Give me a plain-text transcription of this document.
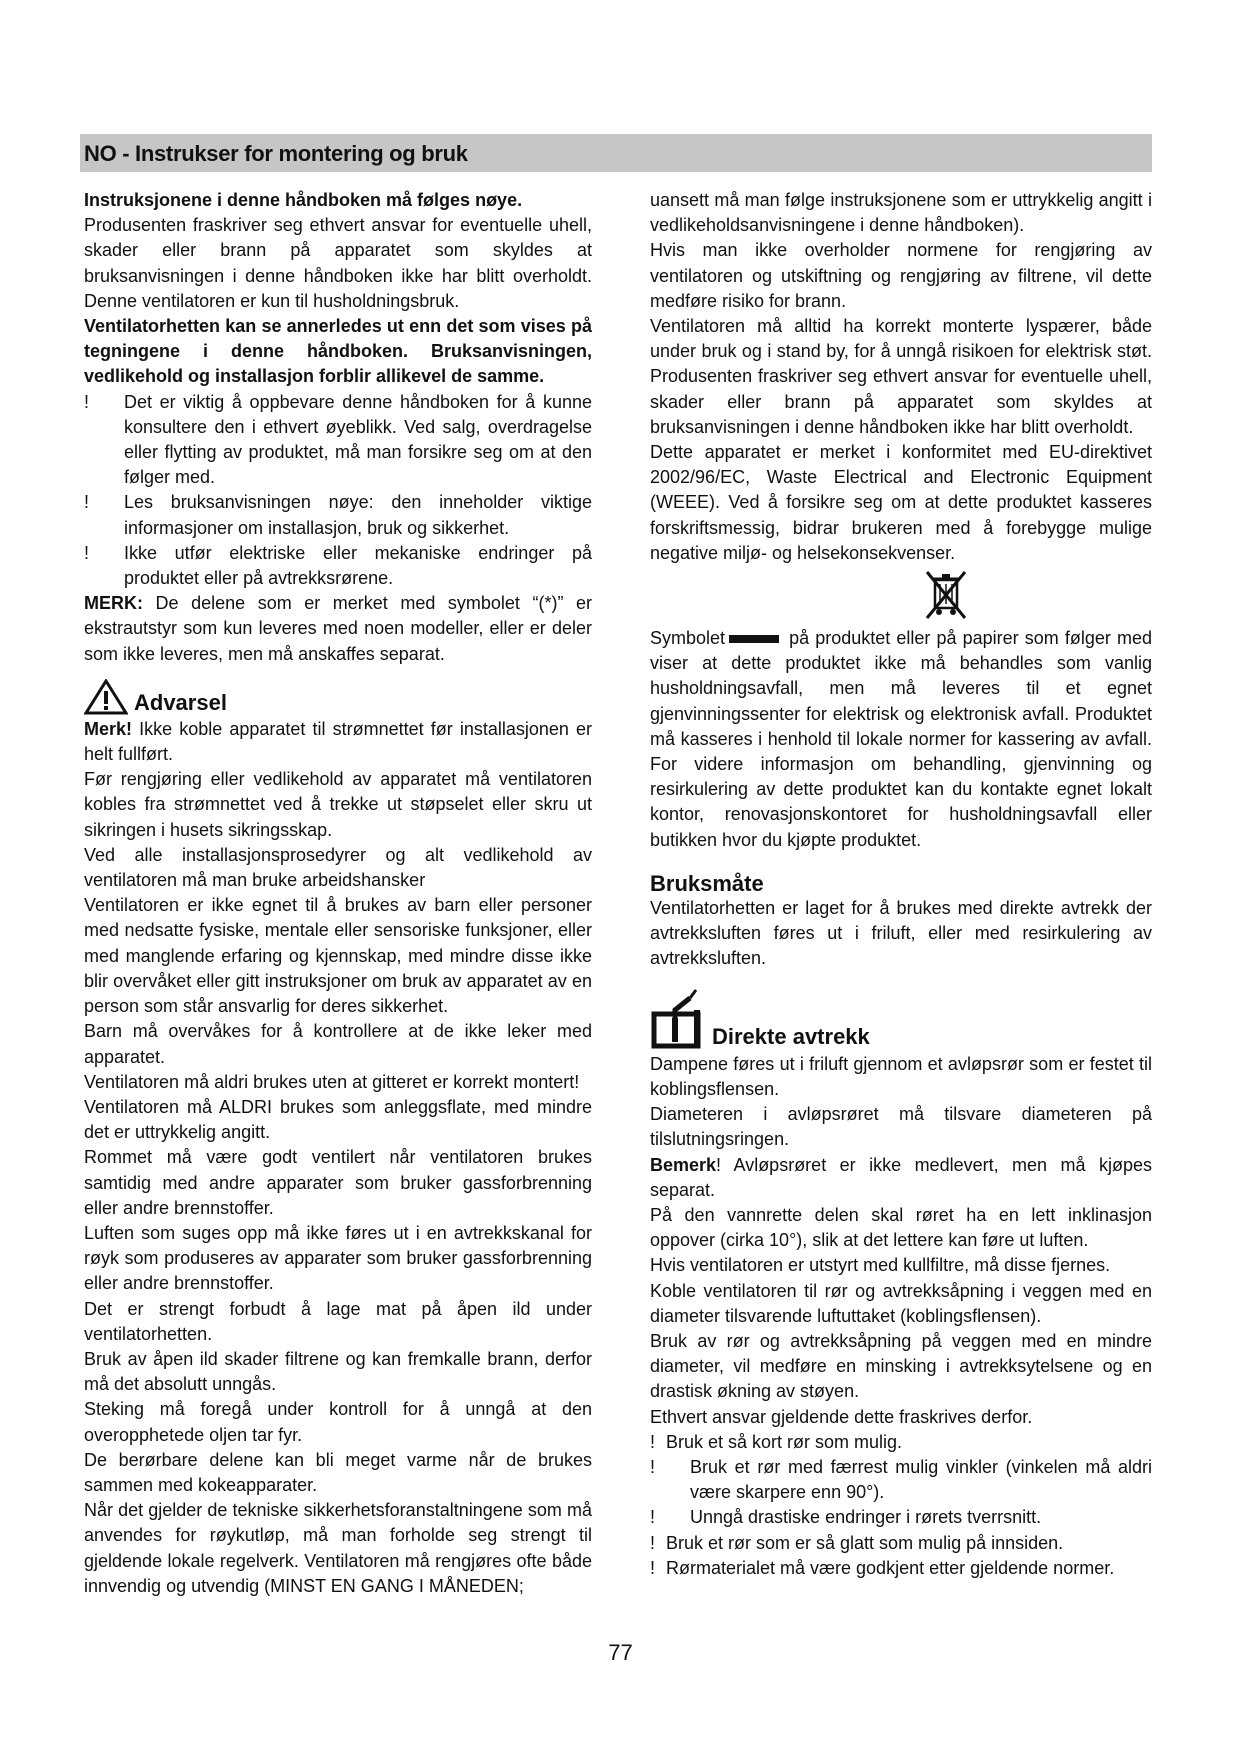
NO - Instrukser for montering og bruk

Instruksjonene i denne håndboken må følges nøye.
Produsenten fraskriver seg ethvert ansvar for eventuelle uhell, skader eller brann på apparatet som skyldes at bruksanvisningen i denne håndboken ikke har blitt overholdt. Denne ventilatoren er kun til husholdningsbruk.

Ventilatorhetten kan se annerledes ut enn det som vises på tegningene i denne håndboken. Bruksanvisningen, vedlikehold og installasjon forblir allikevel de samme.

! Det er viktig å oppbevare denne håndboken for å kunne konsultere den i ethvert øyeblikk. Ved salg, overdragelse eller flytting av produktet, må man forsikre seg om at den følger med.

! Les bruksanvisningen nøye: den inneholder viktige informasjoner om installasjon, bruk og sikkerhet.

! Ikke utfør elektriske eller mekaniske endringer på produktet eller på avtrekksrørene.

MERK: De delene som er merket med symbolet “(*)” er ekstrautstyr som kun leveres med noen modeller, eller er deler som ikke leveres, men må anskaffes separat.

Advarsel

Merk! Ikke koble apparatet til strømnettet før installasjonen er helt fullført.

Før rengjøring eller vedlikehold av apparatet må ventilatoren kobles fra strømnettet ved å trekke ut støpselet eller skru ut sikringen i husets sikringsskap.

Ved alle installasjonsprosedyrer og alt vedlikehold av ventilatoren må man bruke arbeidshansker

Ventilatoren er ikke egnet til å brukes av barn eller personer med nedsatte fysiske, mentale eller sensoriske funksjoner, eller med manglende erfaring og kjennskap, med mindre disse ikke blir overvåket eller gitt instruksjoner om bruk av apparatet av en person som står ansvarlig for deres sikkerhet.

Barn må overvåkes for å kontrollere at de ikke leker med apparatet.

Ventilatoren må aldri brukes uten at gitteret er korrekt montert!

Ventilatoren må ALDRI brukes som anleggsflate, med mindre det er uttrykkelig angitt.

Rommet må være godt ventilert når ventilatoren brukes samtidig med andre apparater som bruker gassforbrenning eller andre brennstoffer.

Luften som suges opp må ikke føres ut i en avtrekkskanal for røyk som produseres av apparater som bruker gassforbrenning eller andre brennstoffer.

Det er strengt forbudt å lage mat på åpen ild under ventilatorhetten.

Bruk av åpen ild skader filtrene og kan fremkalle brann, derfor må det absolutt unngås.

Steking må foregå under kontroll for å unngå at den overopphetede oljen tar fyr.

De berørbare delene kan bli meget varme når de brukes sammen med kokeapparater.

Når det gjelder de tekniske sikkerhetsforanstaltningene som må anvendes for røykutløp, må man forholde seg strengt til gjeldende lokale regelverk. Ventilatoren må rengjøres ofte både innvendig og utvendig (MINST EN GANG I MÅNEDEN;

uansett må man følge instruksjonene som er uttrykkelig angitt i vedlikeholdsanvisningene i denne håndboken).

Hvis man ikke overholder normene for rengjøring av ventilatoren og utskiftning og rengjøring av filtrene, vil dette medføre risiko for brann.

Ventilatoren må alltid ha korrekt monterte lyspærer, både under bruk og i stand by, for å unngå risikoen for elektrisk støt. Produsenten fraskriver seg ethvert ansvar for eventuelle uhell, skader eller brann på apparatet som skyldes at bruksanvisningen i denne håndboken ikke har blitt overholdt.

Dette apparatet er merket i konformitet med EU-direktivet 2002/96/EC, Waste Electrical and Electronic Equipment (WEEE). Ved å forsikre seg om at dette produktet kasseres forskriftsmessig, bidrar brukeren med å forebygge mulige negative miljø- og helsekonsekvenser.

Symbolet	på produktet eller på papirer som følger med viser at dette produktet ikke må behandles som vanlig husholdningsavfall, men må leveres til et egnet gjenvinningssenter for elektrisk og elektronisk avfall. Produktet må kasseres i henhold til lokale normer for kassering av avfall. For videre informasjon om behandling, gjenvinning og resirkulering av dette produktet kan du kontakte egnet lokalt kontor, renovasjonskontoret for husholdningsavfall eller butikken hvor du kjøpte produktet.

Bruksmåte

Ventilatorhetten er laget for å brukes med direkte avtrekk der avtrekksluften føres ut i friluft, eller med resirkulering av avtrekksluften.

Direkte avtrekk

Dampene føres ut i friluft gjennom et avløpsrør som er festet til koblingsflensen.

Diameteren i avløpsrøret må tilsvare diameteren på tilslutningsringen.

Bemerk! Avløpsrøret er ikke medlevert, men må kjøpes separat.

På den vannrette delen skal røret ha en lett inklinasjon oppover (cirka 10°), slik at det lettere kan føre ut luften.

Hvis ventilatoren er utstyrt med kullfiltre, må disse fjernes.

Koble ventilatoren til rør og avtrekksåpning i veggen med en diameter tilsvarende luftuttaket (koblingsflensen).

Bruk av rør og avtrekksåpning på veggen med en mindre diameter, vil medføre en minsking i avtrekksytelsene og en drastisk økning av støyen.

Ethvert ansvar gjeldende dette fraskrives derfor.

! Bruk et så kort rør som mulig.

! Bruk et rør med færrest mulig vinkler (vinkelen må aldri være skarpere enn 90°).

! Unngå drastiske endringer i rørets tverrsnitt.

! Bruk et rør som er så glatt som mulig på innsiden.

! Rørmaterialet må være godkjent etter gjeldende normer.

77
